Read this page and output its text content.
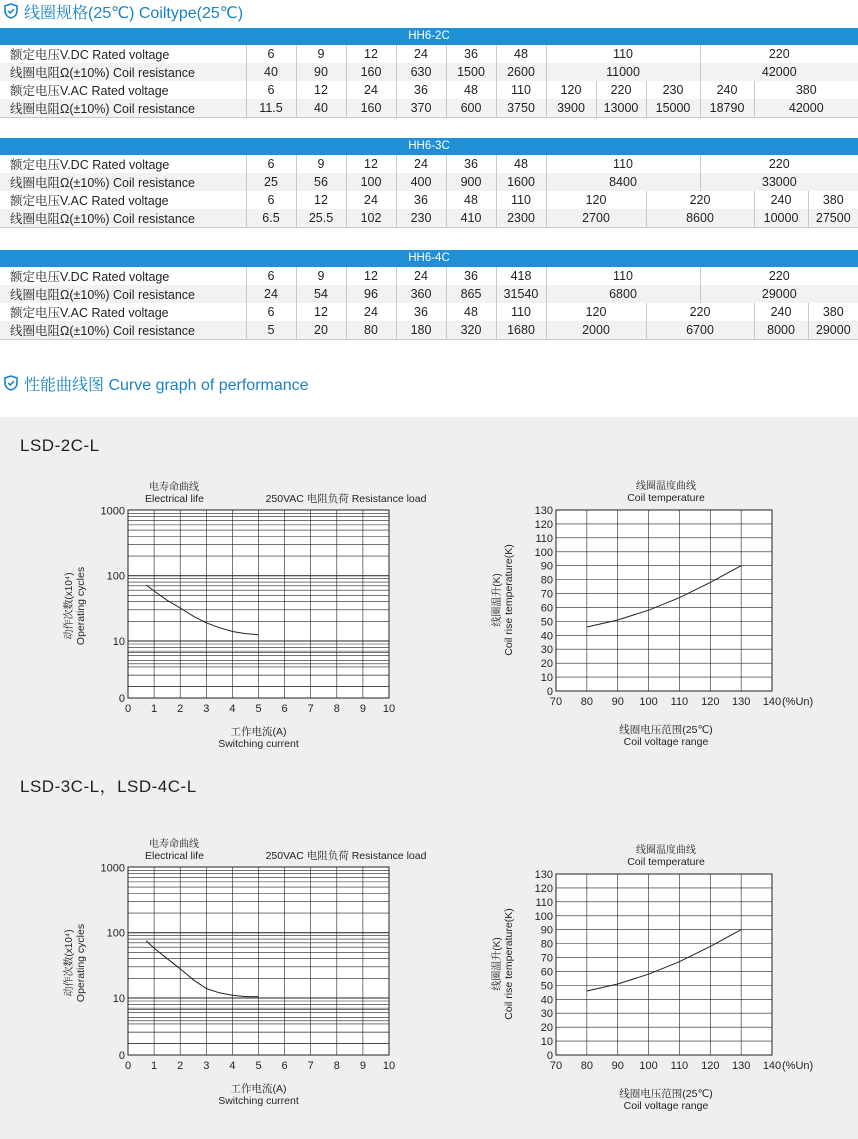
线圈规格(25℃) Coiltype(25℃)
HH6-2C
额定电压V.DC Rated voltage	6	9	12	24	36	48	110			220	
线圈电阻Ω(±10%) Coil resistance	40	90	160	630	1500	2600	11000			42000	
额定电压V.AC Rated voltage	6	12	24	36	48	110	120	220	230	240	380
线圈电阻Ω(±10%) Coil resistance	11.5	40	160	370	600	3750	3900	13000	15000	18790	42000
HH6-3C
额定电压V.DC Rated voltage	6	9	12	24	36	48	110		220		
线圈电阻Ω(±10%) Coil resistance	25	56	100	400	900	1600	8400		33000		
额定电压V.AC Rated voltage	6	12	24	36	48	110	120	220		240	380
线圈电阻Ω(±10%) Coil resistance	6.5	25.5	102	230	410	2300	2700	8600		10000	27500
HH6-4C
额定电压V.DC Rated voltage	6	9	12	24	36	418	110		220		
线圈电阻Ω(±10%) Coil resistance	24	54	96	360	865	31540	6800		29000		
额定电压V.AC Rated voltage	6	12	24	36	48	110	120	220		240	380
线圈电阻Ω(±10%) Coil resistance	5	20	80	180	320	1680	2000	6700		8000	29000
性能曲线图 Curve graph of performance
LSD-2C-L
LSD-3C-L，LSD-4C-L
0
10
100
1000
0 1 2 3 4 5 6 7 8 9 10
电寿命曲线
Electrical life	250VAC 电阻负荷 Resistance load
工作电流(A)
Switching current
动作次数(x10⁴) Operating cycles
0
10
20
30
40
50
60
70
80
90
100
110
120
130
70 80 90 100 110 120 130 140 (%Un)
线圈温度曲线
Coil temperature
线圈电压范围(25℃)
Coil voltage range
线圈温升(K) Coil rise temperature(K)
0
10
100
1000
0 1 2 3 4 5 6 7 8 9 10
电寿命曲线
Electrical life	250VAC 电阻负荷 Resistance load
工作电流(A)
Switching current
动作次数(x10⁴) Operating cycles
0
10
20
30
40
50
60
70
80
90
100
110
120
130
70 80 90 100 110 120 130 140 (%Un)
线圈温度曲线
Coil temperature
线圈电压范围(25℃)
Coil voltage range
线圈温升(K) Coil rise temperature(K)
